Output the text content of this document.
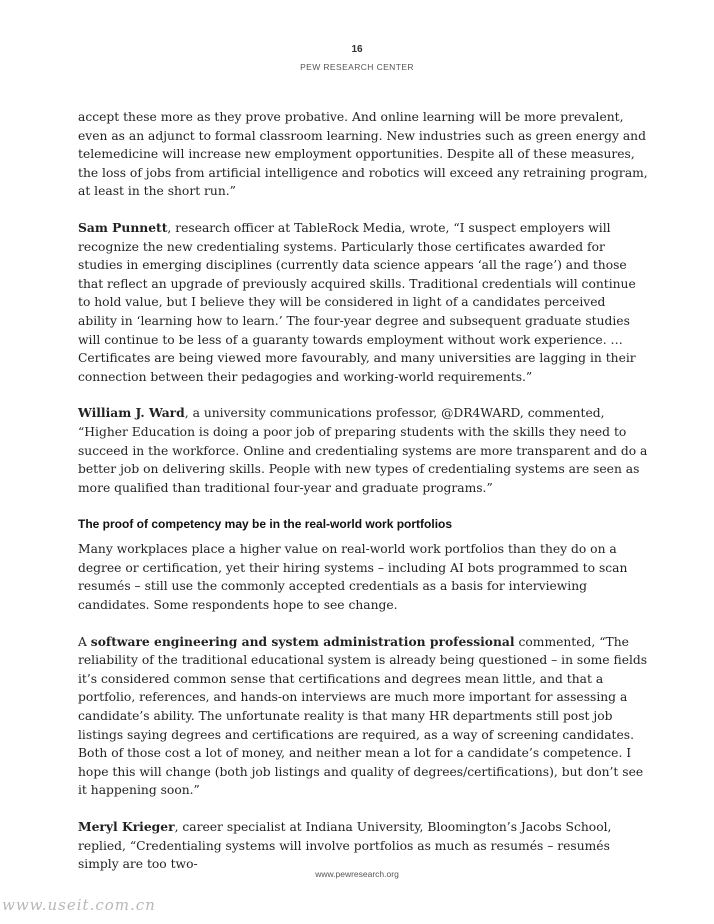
16
PEW RESEARCH CENTER

accept these more as they prove probative. And online learning will be more prevalent, even as an adjunct to formal classroom learning. New industries such as green energy and telemedicine will increase new employment opportunities. Despite all of these measures, the loss of jobs from artificial intelligence and robotics will exceed any retraining program, at least in the short run.”

Sam Punnett, research officer at TableRock Media, wrote, “I suspect employers will recognize the new credentialing systems. Particularly those certificates awarded for studies in emerging disciplines (currently data science appears ‘all the rage’) and those that reflect an upgrade of previously acquired skills. Traditional credentials will continue to hold value, but I believe they will be considered in light of a candidates perceived ability in ‘learning how to learn.’ The four-year degree and subsequent graduate studies will continue to be less of a guaranty towards employment without work experience. … Certificates are being viewed more favourably, and many universities are lagging in their connection between their pedagogies and working-world requirements.”

William J. Ward, a university communications professor, @DR4WARD, commented, “Higher Education is doing a poor job of preparing students with the skills they need to succeed in the workforce. Online and credentialing systems are more transparent and do a better job on delivering skills. People with new types of credentialing systems are seen as more qualified than traditional four-year and graduate programs.”

The proof of competency may be in the real-world work portfolios

Many workplaces place a higher value on real-world work portfolios than they do on a degree or certification, yet their hiring systems – including AI bots programmed to scan resumés – still use the commonly accepted credentials as a basis for interviewing candidates. Some respondents hope to see change.

A software engineering and system administration professional commented, “The reliability of the traditional educational system is already being questioned – in some fields it’s considered common sense that certifications and degrees mean little, and that a portfolio, references, and hands-on interviews are much more important for assessing a candidate’s ability. The unfortunate reality is that many HR departments still post job listings saying degrees and certifications are required, as a way of screening candidates. Both of those cost a lot of money, and neither mean a lot for a candidate’s competence. I hope this will change (both job listings and quality of degrees/certifications), but don’t see it happening soon.”

Meryl Krieger, career specialist at Indiana University, Bloomington’s Jacobs School, replied, “Credentialing systems will involve portfolios as much as resumés – resumés simply are too two-

www.pewresearch.org
www.useit.com.cn
